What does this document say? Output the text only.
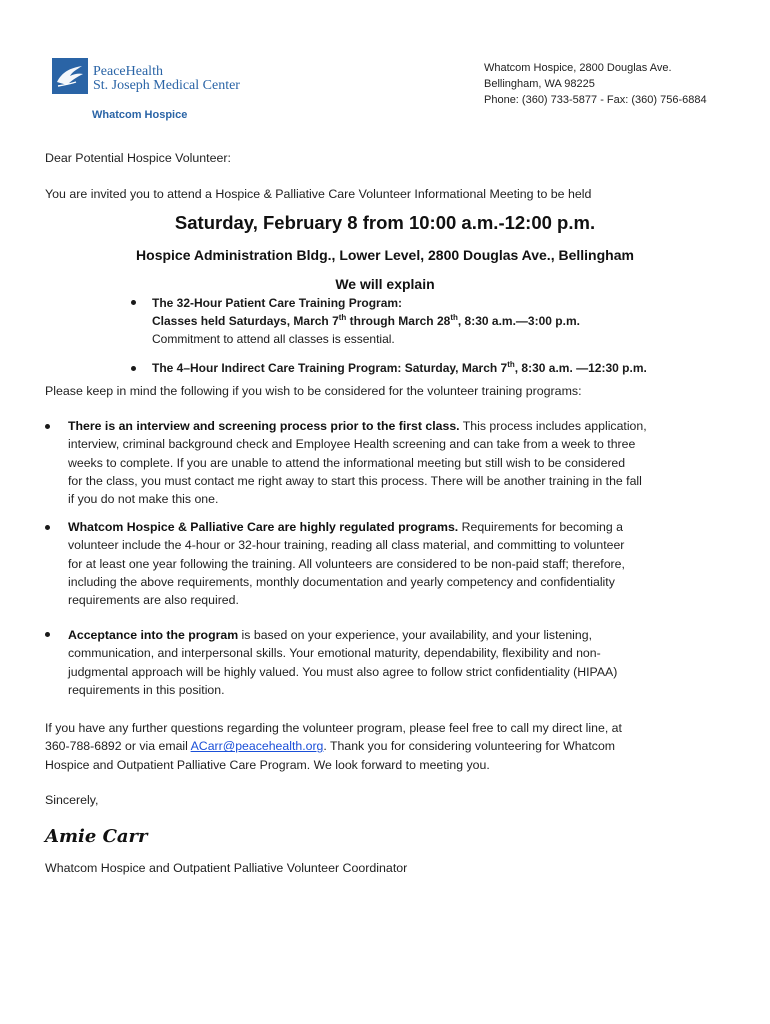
PeaceHealth
St. Joseph Medical Center
Whatcom Hospice
Whatcom Hospice, 2800 Douglas Ave.
Bellingham, WA 98225
Phone: (360) 733-5877 - Fax: (360) 756-6884
Dear Potential Hospice Volunteer:
You are invited you to attend a Hospice & Palliative Care Volunteer Informational Meeting to be held
Saturday, February 8 from 10:00 a.m.-12:00 p.m.
Hospice Administration Bldg., Lower Level, 2800 Douglas Ave., Bellingham
We will explain
The 32-Hour Patient Care Training Program:
Classes held Saturdays, March 7th through March 28th, 8:30 a.m.—3:00 p.m.
Commitment to attend all classes is essential.
The 4–Hour Indirect Care Training Program: Saturday, March 7th, 8:30 a.m. —12:30 p.m.
Please keep in mind the following if you wish to be considered for the volunteer training programs:
There is an interview and screening process prior to the first class. This process includes application,
interview, criminal background check and Employee Health screening and can take from a week to three
weeks to complete. If you are unable to attend the informational meeting but still wish to be considered
for the class, you must contact me right away to start this process. There will be another training in the fall
if you do not make this one.
Whatcom Hospice & Palliative Care are highly regulated programs. Requirements for becoming a
volunteer include the 4-hour or 32-hour training, reading all class material, and committing to volunteer
for at least one year following the training. All volunteers are considered to be non-paid staff; therefore,
including the above requirements, monthly documentation and yearly competency and confidentiality
requirements are also required.
Acceptance into the program is based on your experience, your availability, and your listening,
communication, and interpersonal skills. Your emotional maturity, dependability, flexibility and non-
judgmental approach will be highly valued. You must also agree to follow strict confidentiality (HIPAA)
requirements in this position.
If you have any further questions regarding the volunteer program, please feel free to call my direct line, at
360-788-6892 or via email ACarr@peacehealth.org. Thank you for considering volunteering for Whatcom
Hospice and Outpatient Palliative Care Program. We look forward to meeting you.
Sincerely,
Amie Carr
Whatcom Hospice and Outpatient Palliative Volunteer Coordinator
